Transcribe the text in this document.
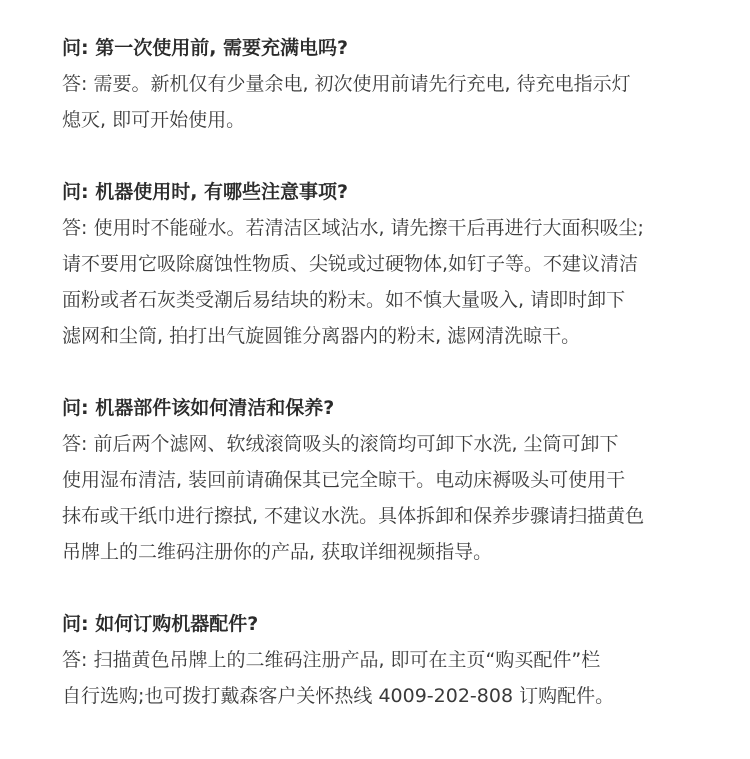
问: 第一次使用前, 需要充满电吗?
答: 需要。新机仅有少量余电, 初次使用前请先行充电, 待充电指示灯
熄灭, 即可开始使用。
问: 机器使用时, 有哪些注意事项?
答: 使用时不能碰水。若清洁区域沾水, 请先擦干后再进行大面积吸尘;
请不要用它吸除腐蚀性物质、尖锐或过硬物体,如钉子等。不建议清洁
面粉或者石灰类受潮后易结块的粉末。如不慎大量吸入, 请即时卸下
滤网和尘筒, 拍打出气旋圆锥分离器内的粉末, 滤网清洗晾干。
问: 机器部件该如何清洁和保养?
答: 前后两个滤网、软绒滚筒吸头的滚筒均可卸下水洗, 尘筒可卸下
使用湿布清洁, 装回前请确保其已完全晾干。电动床褥吸头可使用干
抹布或干纸巾进行擦拭, 不建议水洗。具体拆卸和保养步骤请扫描黄色
吊牌上的二维码注册你的产品, 获取详细视频指导。
问: 如何订购机器配件?
答: 扫描黄色吊牌上的二维码注册产品, 即可在主页“购买配件”栏
自行选购;也可拨打戴森客户关怀热线 4009-202-808 订购配件。
